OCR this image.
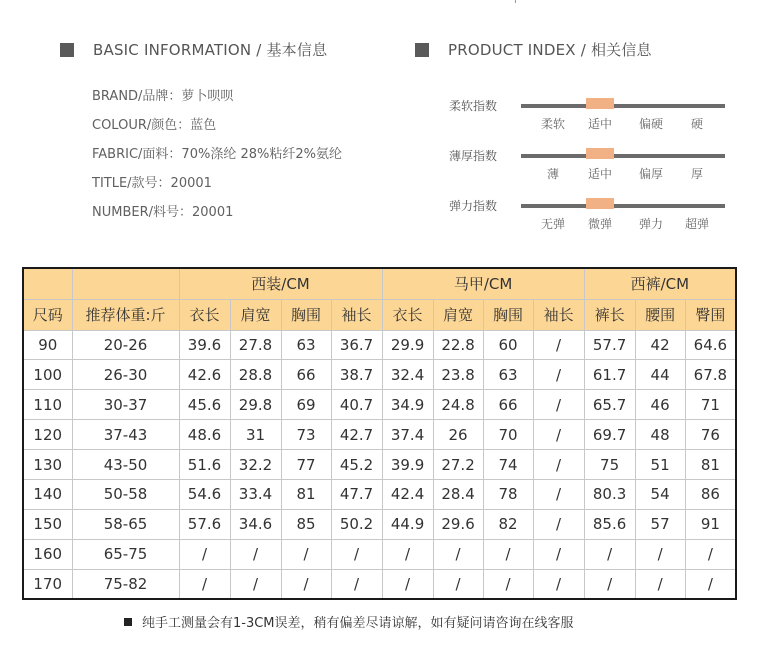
BASIC INFORMATION / 基本信息
BRAND/品牌：萝卜呗呗
COLOUR/颜色：蓝色
FABRIC/面料：70%涤纶 28%粘纤2%氨纶
TITLE/款号：20001
NUMBER/料号：20001
PRODUCT INDEX / 相关信息
柔软指数
柔软	适中	偏硬	硬
薄厚指数
薄	适中	偏厚	厚
弹力指数
无弹	微弹	弹力	超弹
		西装/CM				马甲/CM				西裤/CM		
尺码	推荐体重:斤	衣长	肩宽	胸围	袖长	衣长	肩宽	胸围	袖长	裤长	腰围	臀围
90	20-26	39.6	27.8	63	36.7	29.9	22.8	60	/	57.7	42	64.6
100	26-30	42.6	28.8	66	38.7	32.4	23.8	63	/	61.7	44	67.8
110	30-37	45.6	29.8	69	40.7	34.9	24.8	66	/	65.7	46	71
120	37-43	48.6	31	73	42.7	37.4	26	70	/	69.7	48	76
130	43-50	51.6	32.2	77	45.2	39.9	27.2	74	/	75	51	81
140	50-58	54.6	33.4	81	47.7	42.4	28.4	78	/	80.3	54	86
150	58-65	57.6	34.6	85	50.2	44.9	29.6	82	/	85.6	57	91
160	65-75	/	/	/	/	/	/	/	/	/	/	/
170	75-82	/	/	/	/	/	/	/	/	/	/	/
纯手工测量会有1-3CM误差，稍有偏差尽请谅解，如有疑问请咨询在线客服
